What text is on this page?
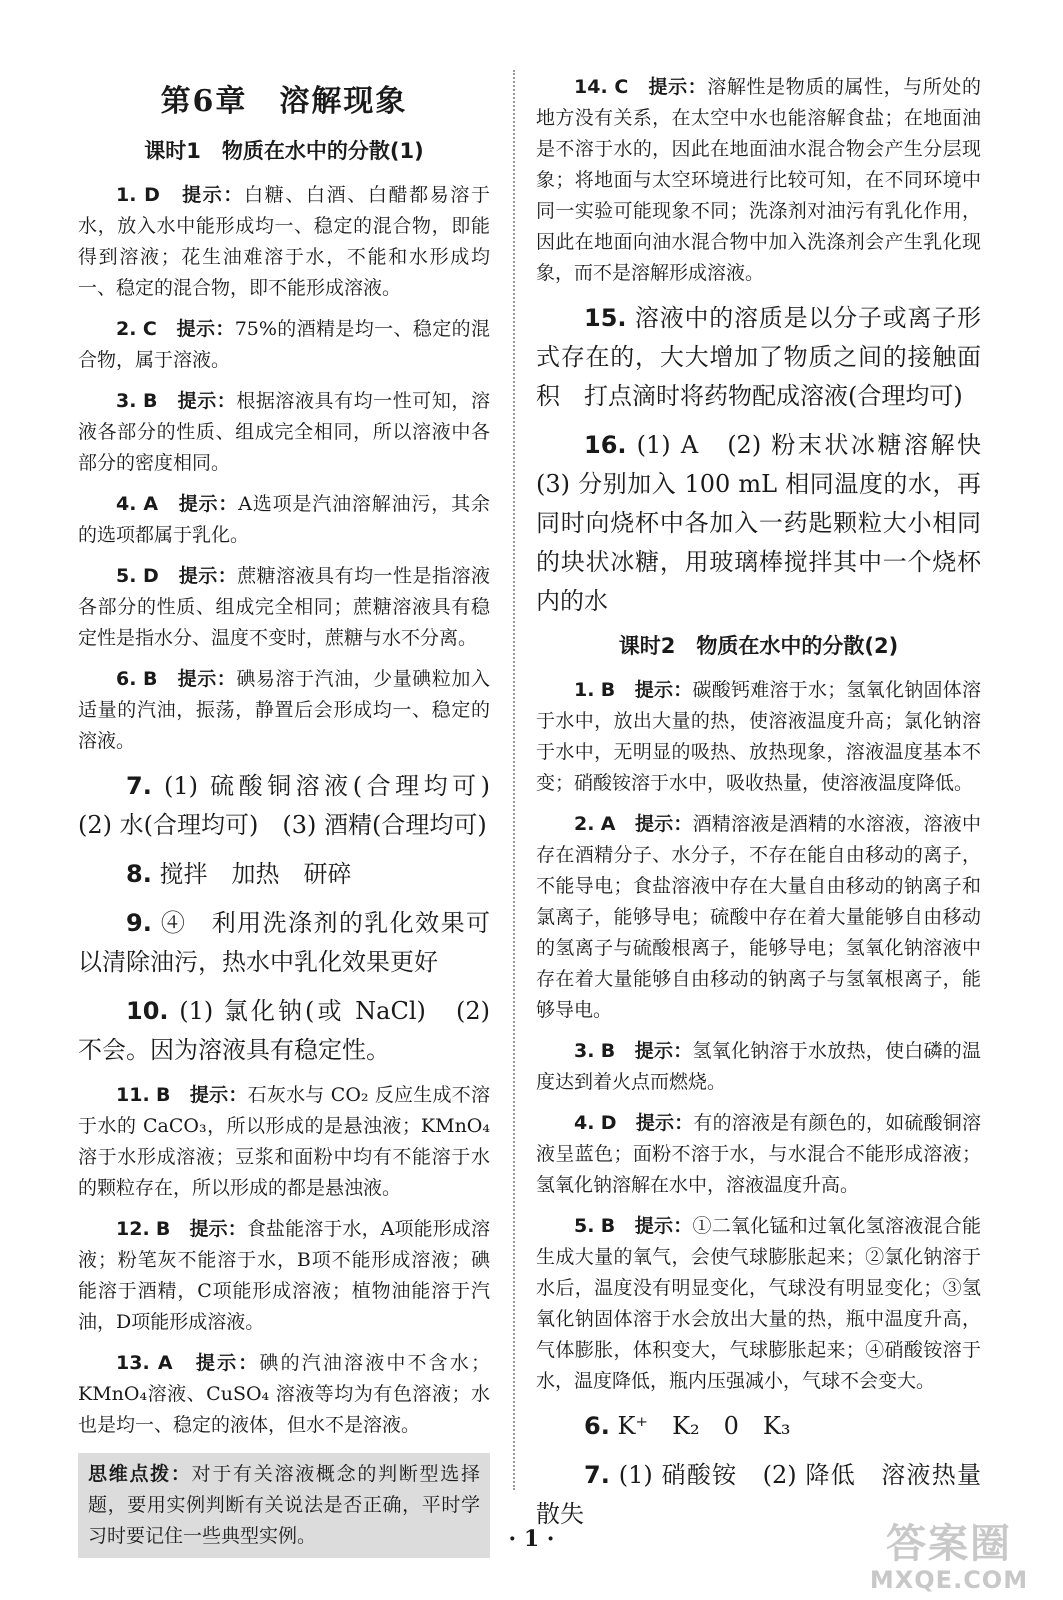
第6章　溶解现象
课时1　物质在水中的分散(1)

1. D　 提示：白糖、白酒、白醋都易溶于水，放入水中能形成均一、稳定的混合物，即能得到溶液；花生油难溶于水，不能和水形成均一、稳定的混合物，即不能形成溶液。

2. C　 提示：75%的酒精是均一、稳定的混合物，属于溶液。

3. B　 提示：根据溶液具有均一性可知，溶液各部分的性质、组成完全相同，所以溶液中各部分的密度相同。

4. A　 提示：A选项是汽油溶解油污，其余的选项都属于乳化。

5. D　 提示：蔗糖溶液具有均一性是指溶液各部分的性质、组成完全相同；蔗糖溶液具有稳定性是指水分、温度不变时，蔗糖与水不分离。

6. B　 提示：碘易溶于汽油，少量碘粒加入适量的汽油，振荡，静置后会形成均一、稳定的溶液。

7. (1) 硫酸铜溶液(合理均可)　(2) 水(合理均可)　(3) 酒精(合理均可)

8. 搅拌　加热　研碎

9. ④　利用洗涤剂的乳化效果可以清除油污，热水中乳化效果更好

10. (1) 氯化钠(或 NaCl)　(2) 不会。因为溶液具有稳定性。

11. B　 提示：石灰水与 CO₂ 反应生成不溶于水的 CaCO₃，所以形成的是悬浊液；KMnO₄ 溶于水形成溶液；豆浆和面粉中均有不能溶于水的颗粒存在，所以形成的都是悬浊液。

12. B　 提示：食盐能溶于水，A项能形成溶液；粉笔灰不能溶于水，B项不能形成溶液；碘能溶于酒精，C项能形成溶液；植物油能溶于汽油，D项能形成溶液。

13. A　 提示：碘的汽油溶液中不含水；KMnO₄溶液、CuSO₄ 溶液等均为有色溶液；水也是均一、稳定的液体，但水不是溶液。

思维点拨：对于有关溶液概念的判断型选择题，要用实例判断有关说法是否正确，平时学习时要记住一些典型实例。

14. C　 提示：溶解性是物质的属性，与所处的地方没有关系，在太空中水也能溶解食盐；在地面油是不溶于水的，因此在地面油水混合物会产生分层现象；将地面与太空环境进行比较可知，在不同环境中同一实验可能现象不同；洗涤剂对油污有乳化作用，因此在地面向油水混合物中加入洗涤剂会产生乳化现象，而不是溶解形成溶液。

15. 溶液中的溶质是以分子或离子形式存在的，大大增加了物质之间的接触面积　打点滴时将药物配成溶液(合理均可)

16. (1) A　(2) 粉末状冰糖溶解快　(3) 分别加入 100 mL 相同温度的水，再同时向烧杯中各加入一药匙颗粒大小相同的块状冰糖，用玻璃棒搅拌其中一个烧杯内的水

课时2　物质在水中的分散(2)

1. B　 提示：碳酸钙难溶于水；氢氧化钠固体溶于水中，放出大量的热，使溶液温度升高；氯化钠溶于水中，无明显的吸热、放热现象，溶液温度基本不变；硝酸铵溶于水中，吸收热量，使溶液温度降低。

2. A　 提示：酒精溶液是酒精的水溶液，溶液中存在酒精分子、水分子，不存在能自由移动的离子，不能导电；食盐溶液中存在大量自由移动的钠离子和氯离子，能够导电；硫酸中存在着大量能够自由移动的氢离子与硫酸根离子，能够导电；氢氧化钠溶液中存在着大量能够自由移动的钠离子与氢氧根离子，能够导电。

3. B　 提示：氢氧化钠溶于水放热，使白磷的温度达到着火点而燃烧。

4. D　 提示：有的溶液是有颜色的，如硫酸铜溶液呈蓝色；面粉不溶于水，与水混合不能形成溶液；氢氧化钠溶解在水中，溶液温度升高。

5. B　 提示：①二氧化锰和过氧化氢溶液混合能生成大量的氧气，会使气球膨胀起来；②氯化钠溶于水后，温度没有明显变化，气球没有明显变化；③氢氧化钠固体溶于水会放出大量的热，瓶中温度升高，气体膨胀，体积变大，气球膨胀起来；④硝酸铵溶于水，温度降低，瓶内压强减小，气球不会变大。

6. K⁺　K₂　0　K₃

7. (1) 硝酸铵　(2) 降低　溶液热量散失

· 1 ·	答案圈
MXQE.COM
